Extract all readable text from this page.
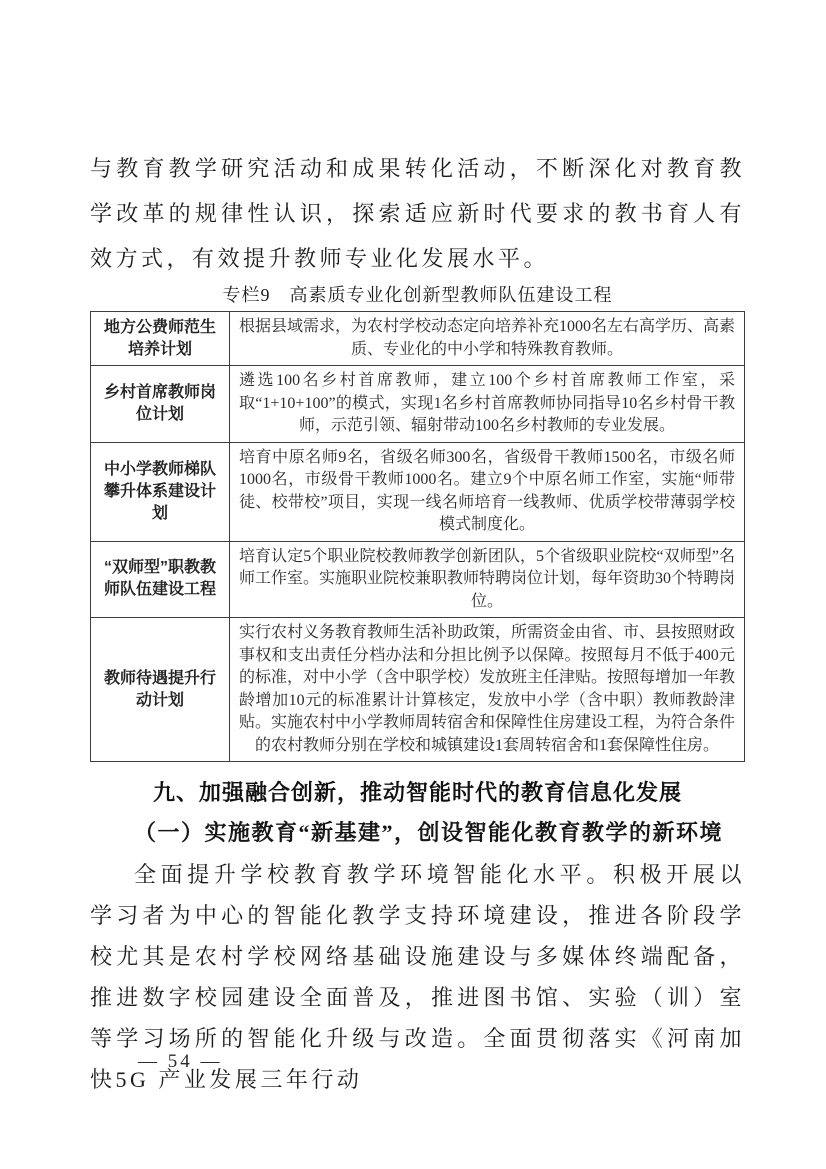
与教育教学研究活动和成果转化活动，不断深化对教育教学改革的规律性认识，探索适应新时代要求的教书育人有效方式，有效提升教师专业化发展水平。

专栏9　高素质专业化创新型教师队伍建设工程
地方公费师范生培养计划	根据县域需求，为农村学校动态定向培养补充1000名左右高学历、高素质、专业化的中小学和特殊教育教师。
乡村首席教师岗位计划	遴选100名乡村首席教师，建立100个乡村首席教师工作室，采取“1+10+100”的模式，实现1名乡村首席教师协同指导10名乡村骨干教师，示范引领、辐射带动100名乡村教师的专业发展。
中小学教师梯队攀升体系建设计划	培育中原名师9名，省级名师300名，省级骨干教师1500名，市级名师1000名，市级骨干教师1000名。建立9个中原名师工作室，实施“师带徒、校带校”项目，实现一线名师培育一线教师、优质学校带薄弱学校模式制度化。
“双师型”职教教师队伍建设工程	培育认定5个职业院校教师教学创新团队，5个省级职业院校“双师型”名师工作室。实施职业院校兼职教师特聘岗位计划，每年资助30个特聘岗位。
教师待遇提升行动计划	实行农村义务教育教师生活补助政策，所需资金由省、市、县按照财政事权和支出责任分档办法和分担比例予以保障。按照每月不低于400元的标准，对中小学（含中职学校）发放班主任津贴。按照每增加一年教龄增加10元的标准累计计算核定，发放中小学（含中职）教师教龄津贴。实施农村中小学教师周转宿舍和保障性住房建设工程，为符合条件的农村教师分别在学校和城镇建设1套周转宿舍和1套保障性住房。
九、加强融合创新，推动智能时代的教育信息化发展
（一）实施教育“新基建”，创设智能化教育教学的新环境

全面提升学校教育教学环境智能化水平。积极开展以学习者为中心的智能化教学支持环境建设，推进各阶段学校尤其是农村学校网络基础设施建设与多媒体终端配备，推进数字校园建设全面普及，推进图书馆、实验（训）室等学习场所的智能化升级与改造。全面贯彻落实《河南加快5G 产业发展三年行动

— 54 —
